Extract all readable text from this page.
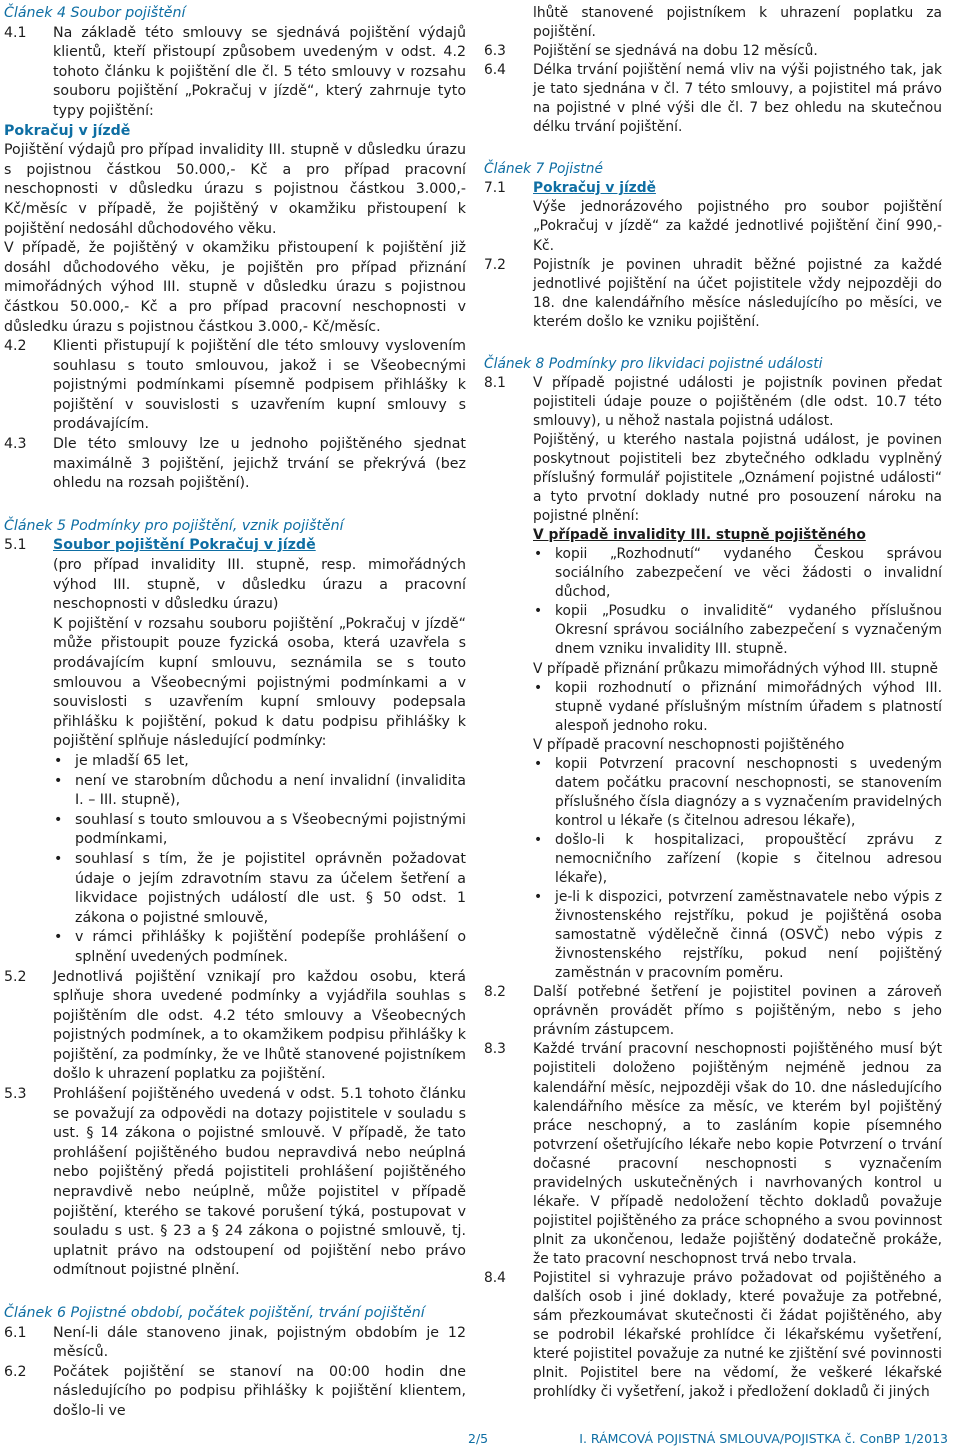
Článek 4 Soubor pojištění

4.1 Na základě této smlouvy se sjednává pojištění výdajů klientů, kteří přistoupí způsobem uvedeným v odst. 4.2 tohoto článku k pojištění dle čl. 5 této smlouvy v rozsahu souboru pojištění „Pokračuj v jízdě“, který zahrnuje tyto typy pojištění:
Pokračuj v jízdě
Pojištění výdajů pro případ invalidity III. stupně v důsledku úrazu s pojistnou částkou 50.000,- Kč a pro případ pracovní neschopnosti v důsledku úrazu s pojistnou částkou 3.000,- Kč/měsíc v případě, že pojištěný v okamžiku přistoupení k pojištění nedosáhl důchodového věku.
V případě, že pojištěný v okamžiku přistoupení k pojištění již dosáhl důchodového věku, je pojištěn pro případ přiznání mimořádných výhod III. stupně v důsledku úrazu s pojistnou částkou 50.000,- Kč a pro případ pracovní neschopnosti v důsledku úrazu s pojistnou částkou 3.000,- Kč/měsíc.
4.2 Klienti přistupují k pojištění dle této smlouvy vyslovením souhlasu s touto smlouvou, jakož i se Všeobecnými pojistnými podmínkami písemně podpisem přihlášky k pojištění v souvislosti s uzavřením kupní smlouvy s prodávajícím.
4.3 Dle této smlouvy lze u jednoho pojištěného sjednat maximálně 3 pojištění, jejichž trvání se překrývá (bez ohledu na rozsah pojištění).

Článek 5 Podmínky pro pojištění, vznik pojištění

5.1 Soubor pojištění Pokračuj v jízdě
(pro případ invalidity III. stupně, resp. mimořádných výhod III. stupně, v důsledku úrazu a pracovní neschopnosti v důsledku úrazu)
K pojištění v rozsahu souboru pojištění „Pokračuj v jízdě“ může přistoupit pouze fyzická osoba, která uzavřela s prodávajícím kupní smlouvu, seznámila se s touto smlouvou a Všeobecnými pojistnými podmínkami a v souvislosti s uzavřením kupní smlouvy podepsala přihlášku k pojištění, pokud k datu podpisu přihlášky k pojištění splňuje následující podmínky:
• je mladší 65 let,
• není ve starobním důchodu a není invalidní (invalidita I. – III. stupně),
• souhlasí s touto smlouvou a s Všeobecnými pojistnými podmínkami,
• souhlasí s tím, že je pojistitel oprávněn požadovat údaje o jejím zdravotním stavu za účelem šetření a likvidace pojistných událostí dle ust. § 50 odst. 1 zákona o pojistné smlouvě,
• v rámci přihlášky k pojištění podepíše prohlášení o splnění uvedených podmínek.
5.2 Jednotlivá pojištění vznikají pro každou osobu, která splňuje shora uvedené podmínky a vyjádřila souhlas s pojištěním dle odst. 4.2 této smlouvy a Všeobecných pojistných podmínek, a to okamžikem podpisu přihlášky k pojištění, za podmínky, že ve lhůtě stanovené pojistníkem došlo k uhrazení poplatku za pojištění.
5.3 Prohlášení pojištěného uvedená v odst. 5.1 tohoto článku se považují za odpovědi na dotazy pojistitele v souladu s ust. § 14 zákona o pojistné smlouvě. V případě, že tato prohlášení pojištěného budou nepravdivá nebo neúplná nebo pojištěný předá pojistiteli prohlášení pojištěného nepravdivě nebo neúplně, může pojistitel v případě pojištění, kterého se takové porušení týká, postupovat v souladu s ust. § 23 a § 24 zákona o pojistné smlouvě, tj. uplatnit právo na odstoupení od pojištění nebo právo odmítnout pojistné plnění.

Článek 6 Pojistné období, počátek pojištění, trvání pojištění

6.1 Není-li dále stanoveno jinak, pojistným obdobím je 12 měsíců.
6.2 Počátek pojištění se stanoví na 00:00 hodin dne následujícího po podpisu přihlášky k pojištění klientem, došlo-li ve
lhůtě stanovené pojistníkem k uhrazení poplatku za pojištění.
6.3 Pojištění se sjednává na dobu 12 měsíců.
6.4 Délka trvání pojištění nemá vliv na výši pojistného tak, jak je tato sjednána v čl. 7 této smlouvy, a pojistitel má právo na pojistné v plné výši dle čl. 7 bez ohledu na skutečnou délku trvání pojištění.

Článek 7 Pojistné

7.1 Pokračuj v jízdě
Výše jednorázového pojistného pro soubor pojištění „Pokračuj v jízdě“ za každé jednotlivé pojištění činí 990,- Kč.
7.2 Pojistník je povinen uhradit běžné pojistné za každé jednotlivé pojištění na účet pojistitele vždy nejpozději do 18. dne kalendářního měsíce následujícího po měsíci, ve kterém došlo ke vzniku pojištění.

Článek 8 Podmínky pro likvidaci pojistné události

8.1 V případě pojistné události je pojistník povinen předat pojistiteli údaje pouze o pojištěném (dle odst. 10.7 této smlouvy), u něhož nastala pojistná událost.
Pojištěný, u kterého nastala pojistná událost, je povinen poskytnout pojistiteli bez zbytečného odkladu vyplněný příslušný formulář pojistitele „Oznámení pojistné události“ a tyto prvotní doklady nutné pro posouzení nároku na pojistné plnění:
V případě invalidity III. stupně pojištěného
• kopii „Rozhodnutí“ vydaného Českou správou sociálního zabezpečení ve věci žádosti o invalidní důchod,
• kopii „Posudku o invaliditě“ vydaného příslušnou Okresní správou sociálního zabezpečení s vyznačeným dnem vzniku invalidity III. stupně.
V případě přiznání průkazu mimořádných výhod III. stupně
• kopii rozhodnutí o přiznání mimořádných výhod III. stupně vydané příslušným místním úřadem s platností alespoň jednoho roku.
V případě pracovní neschopnosti pojištěného
• kopii Potvrzení pracovní neschopnosti s uvedeným datem počátku pracovní neschopnosti, se stanovením příslušného čísla diagnózy a s vyznačením pravidelných kontrol u lékaře (s čitelnou adresou lékaře),
• došlo-li k hospitalizaci, propouštěcí zprávu z nemocničního zařízení (kopie s čitelnou adresou lékaře),
• je-li k dispozici, potvrzení zaměstnavatele nebo výpis z živnostenského rejstříku, pokud je pojištěná osoba samostatně výdělečně činná (OSVČ) nebo výpis z živnostenského rejstříku, pokud není pojištěný zaměstnán v pracovním poměru.
8.2 Další potřebné šetření je pojistitel povinen a zároveň oprávněn provádět přímo s pojištěným, nebo s jeho právním zástupcem.
8.3 Každé trvání pracovní neschopnosti pojištěného musí být pojistiteli doloženo pojištěným nejméně jednou za kalendářní měsíc, nejpozději však do 10. dne následujícího kalendářního měsíce za měsíc, ve kterém byl pojištěný práce neschopný, a to zasláním kopie písemného potvrzení ošetřujícího lékaře nebo kopie Potvrzení o trvání dočasné pracovní neschopnosti s vyznačením pravidelných uskutečněných i navrhovaných kontrol u lékaře. V případě nedoložení těchto dokladů považuje pojistitel pojištěného za práce schopného a svou povinnost plnit za ukončenou, ledaže pojištěný dodatečně prokáže, že tato pracovní neschopnost trvá nebo trvala.
8.4 Pojistitel si vyhrazuje právo požadovat od pojištěného a dalších osob i jiné doklady, které považuje za potřebné, sám přezkoumávat skutečnosti či žádat pojištěného, aby se podrobil lékařské prohlídce či lékařskému vyšetření, které pojistitel považuje za nutné ke zjištění své povinnosti plnit. Pojistitel bere na vědomí, že veškeré lékařské prohlídky či vyšetření, jakož i předložení dokladů či jiných
2/5	I. RÁMCOVÁ POJISTNÁ SMLOUVA/POJISTKA č. ConBP 1/2013
